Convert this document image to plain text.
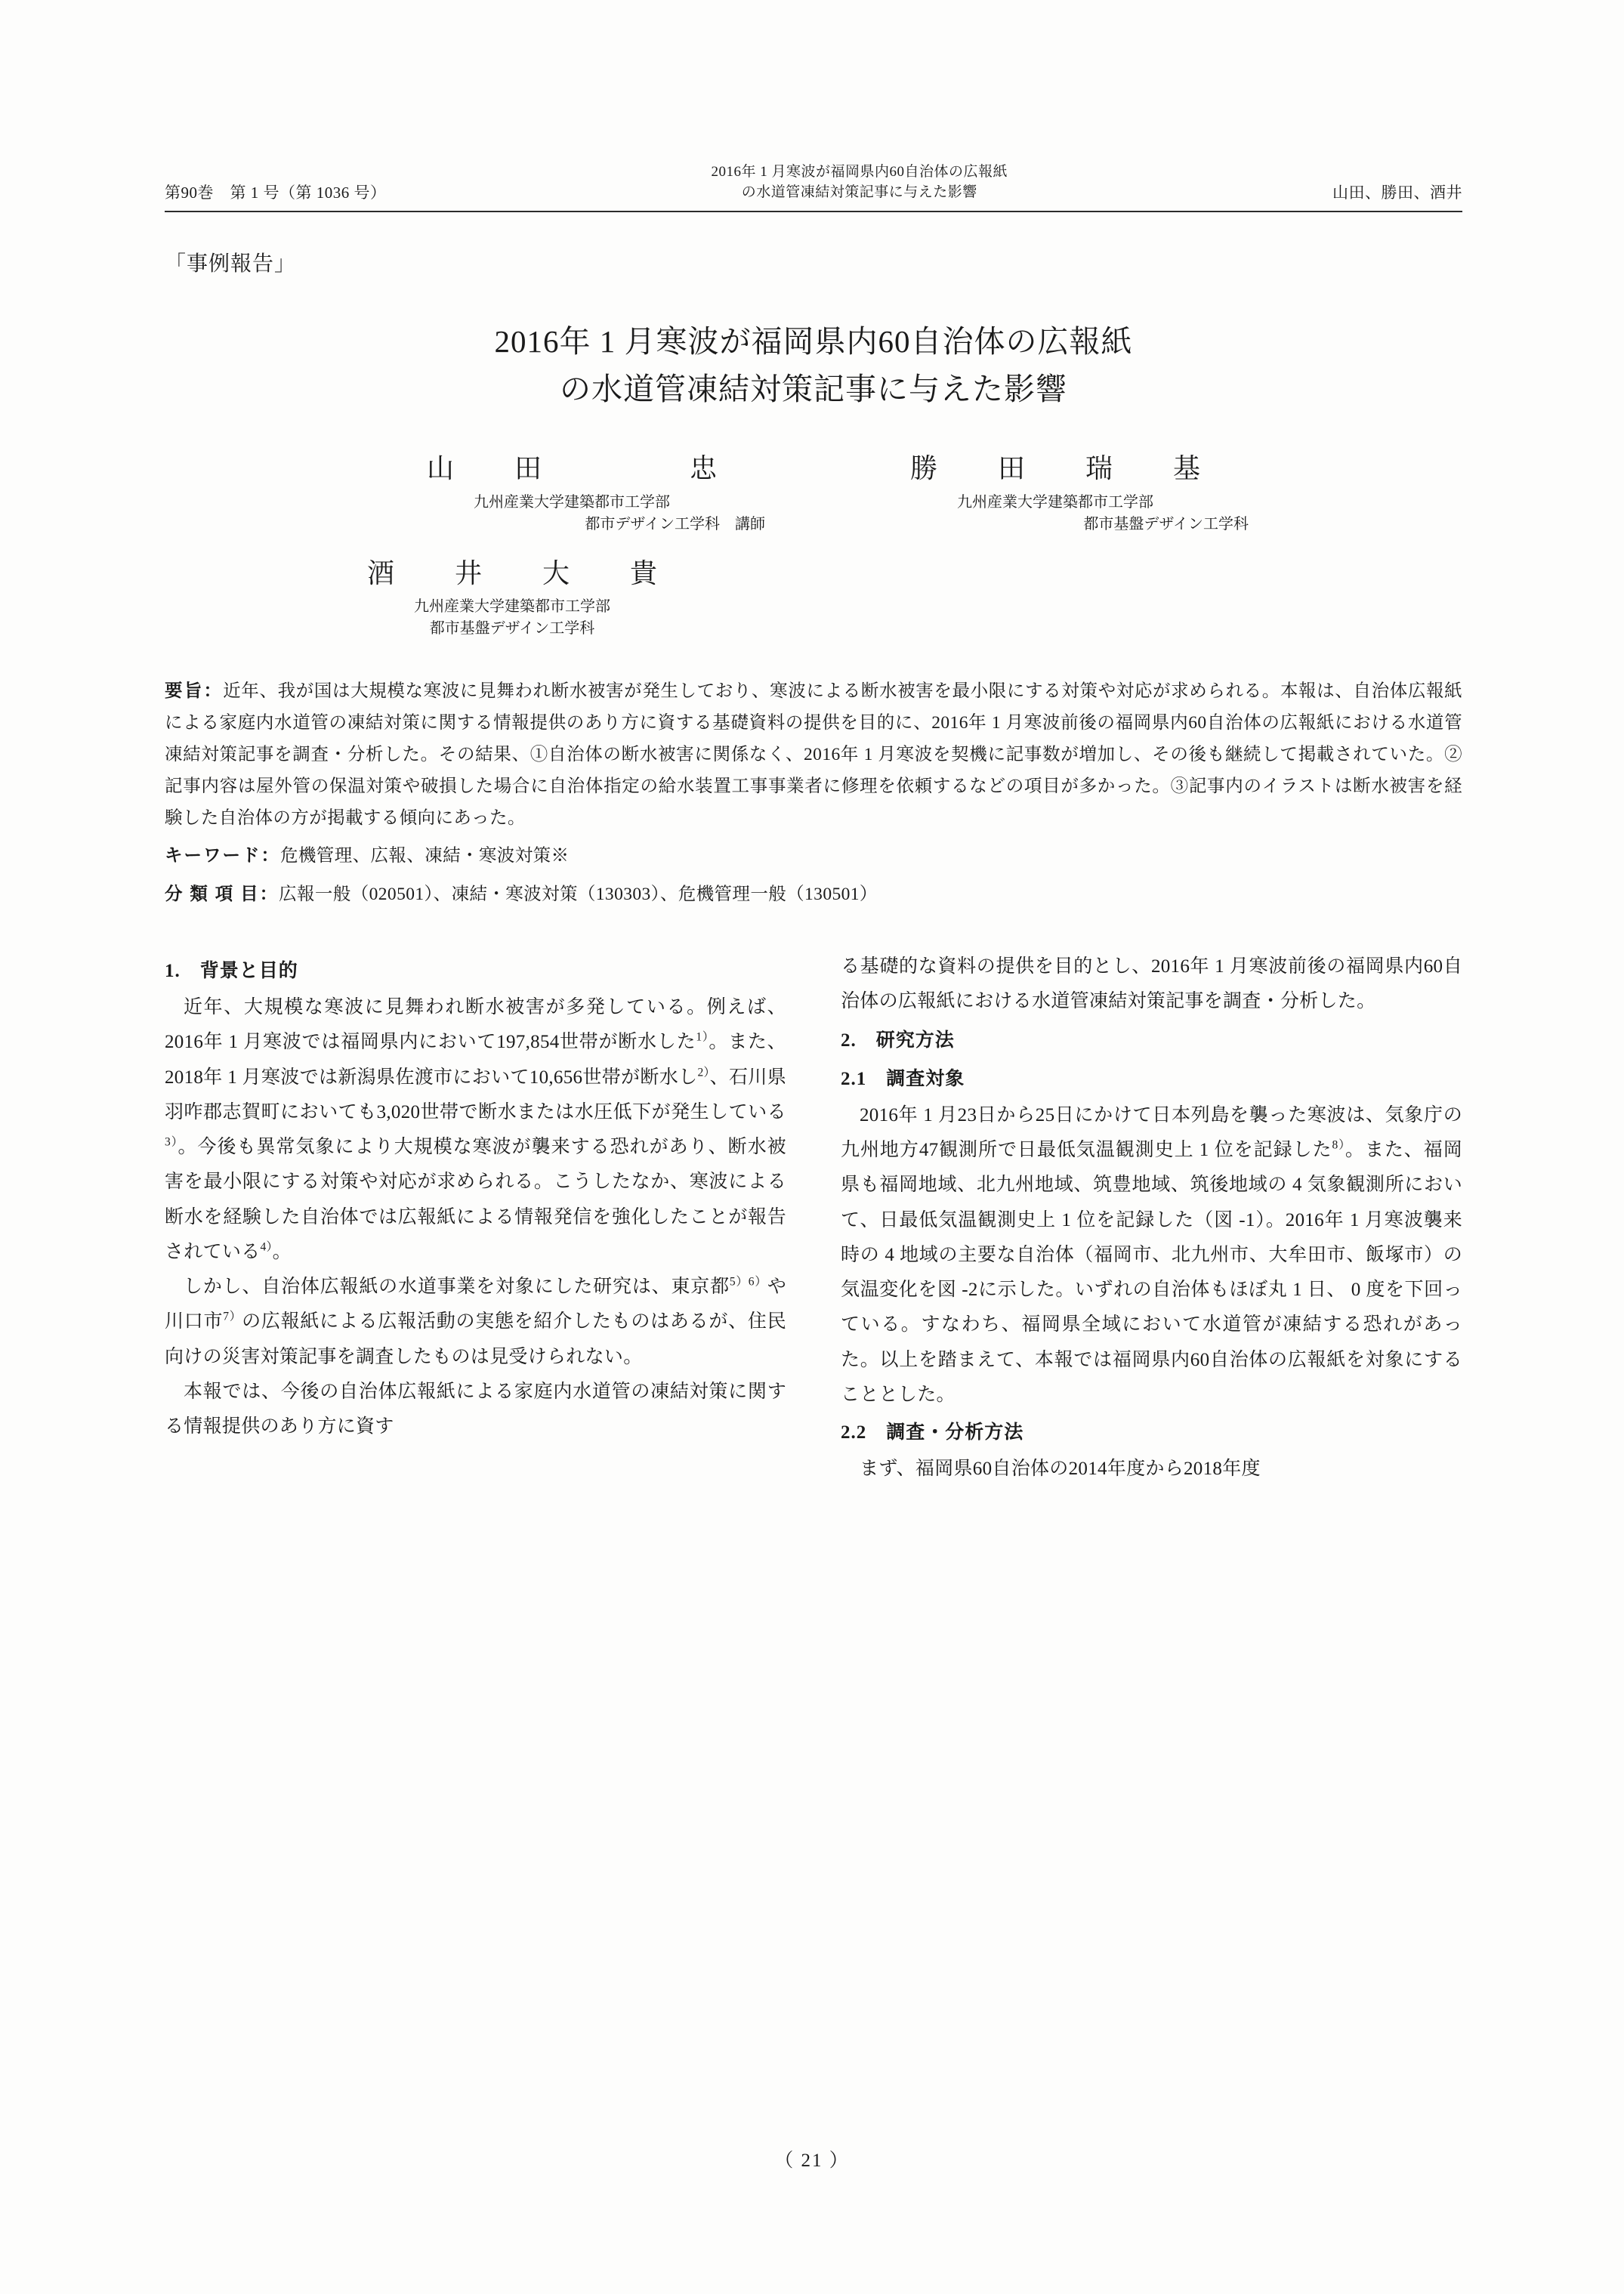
第90巻　第 1 号（第 1036 号）
2016年 1 月寒波が福岡県内60自治体の広報紙
の水道管凍結対策記事に与えた影響	山田、勝田、酒井
「事例報告」
2016年 1 月寒波が福岡県内60自治体の広報紙
の水道管凍結対策記事に与えた影響
山　田　　　忠
九州産業大学建築都市工学部
都市デザイン工学科　講師
勝　田　瑞　基
九州産業大学建築都市工学部
都市基盤デザイン工学科
酒　井　大　貴
九州産業大学建築都市工学部
都市基盤デザイン工学科
要旨：近年、我が国は大規模な寒波に見舞われ断水被害が発生しており、寒波による断水被害を最小限にする対策や対応が求められる。本報は、自治体広報紙による家庭内水道管の凍結対策に関する情報提供のあり方に資する基礎資料の提供を目的に、2016年 1 月寒波前後の福岡県内60自治体の広報紙における水道管凍結対策記事を調査・分析した。その結果、①自治体の断水被害に関係なく、2016年 1 月寒波を契機に記事数が増加し、その後も継続して掲載されていた。②記事内容は屋外管の保温対策や破損した場合に自治体指定の給水装置工事事業者に修理を依頼するなどの項目が多かった。③記事内のイラストは断水被害を経験した自治体の方が掲載する傾向にあった。
キーワード：危機管理、広報、凍結・寒波対策※
分 類 項 目：広報一般（020501）、凍結・寒波対策（130303）、危機管理一般（130501）
1.　背景と目的

近年、大規模な寒波に見舞われ断水被害が多発している。例えば、2016年 1 月寒波では福岡県内において197,854世帯が断水した$^{1)}$。また、2018年 1 月寒波では新潟県佐渡市において10,656世帯が断水し$^{2)}$、石川県羽咋郡志賀町においても3,020世帯で断水または水圧低下が発生している$^{3)}$。今後も異常気象により大規模な寒波が襲来する恐れがあり、断水被害を最小限にする対策や対応が求められる。こうしたなか、寒波による断水を経験した自治体では広報紙による情報発信を強化したことが報告されている$^{4)}$。

しかし、自治体広報紙の水道事業を対象にした研究は、東京都$^{5)6)}$や川口市$^{7)}$の広報紙による広報活動の実態を紹介したものはあるが、住民向けの災害対策記事を調査したものは見受けられない。

本報では、今後の自治体広報紙による家庭内水道管の凍結対策に関する情報提供のあり方に資す

る基礎的な資料の提供を目的とし、2016年 1 月寒波前後の福岡県内60自治体の広報紙における水道管凍結対策記事を調査・分析した。

2.　研究方法
2.1　調査対象

2016年 1 月23日から25日にかけて日本列島を襲った寒波は、気象庁の九州地方47観測所で日最低気温観測史上 1 位を記録した$^{8)}$。また、福岡県も福岡地域、北九州地域、筑豊地域、筑後地域の 4 気象観測所において、日最低気温観測史上 1 位を記録した（図 -1）。2016年 1 月寒波襲来時の 4 地域の主要な自治体（福岡市、北九州市、大牟田市、飯塚市）の気温変化を図 -2に示した。いずれの自治体もほぼ丸 1 日、 0 度を下回っている。すなわち、福岡県全域において水道管が凍結する恐れがあった。以上を踏まえて、本報では福岡県内60自治体の広報紙を対象にすることとした。

2.2　調査・分析方法

まず、福岡県60自治体の2014年度から2018年度

（ 21 ）
